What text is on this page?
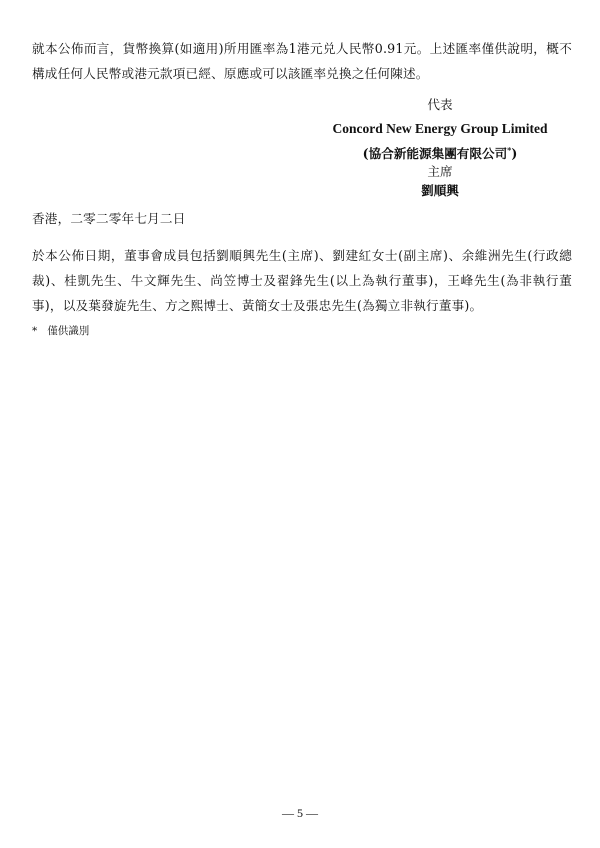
就本公佈而言，貨幣換算(如適用)所用匯率為1港元兑人民幣0.91元。上述匯率僅供說明，概不構成任何人民幣或港元款項已經、原應或可以該匯率兑換之任何陳述。
代表
Concord New Energy Group Limited
(協合新能源集團有限公司*)
主席
劉順興
香港，二零二零年七月二日
於本公佈日期，董事會成員包括劉順興先生(主席)、劉建紅女士(副主席)、余維洲先生(行政總裁)、桂凱先生、牛文輝先生、尚笠博士及翟鋒先生(以上為執行董事)，王峰先生(為非執行董事)，以及葉發旋先生、方之熙博士、黃簡女士及張忠先生(為獨立非執行董事)。
* 僅供識別
— 5 —
